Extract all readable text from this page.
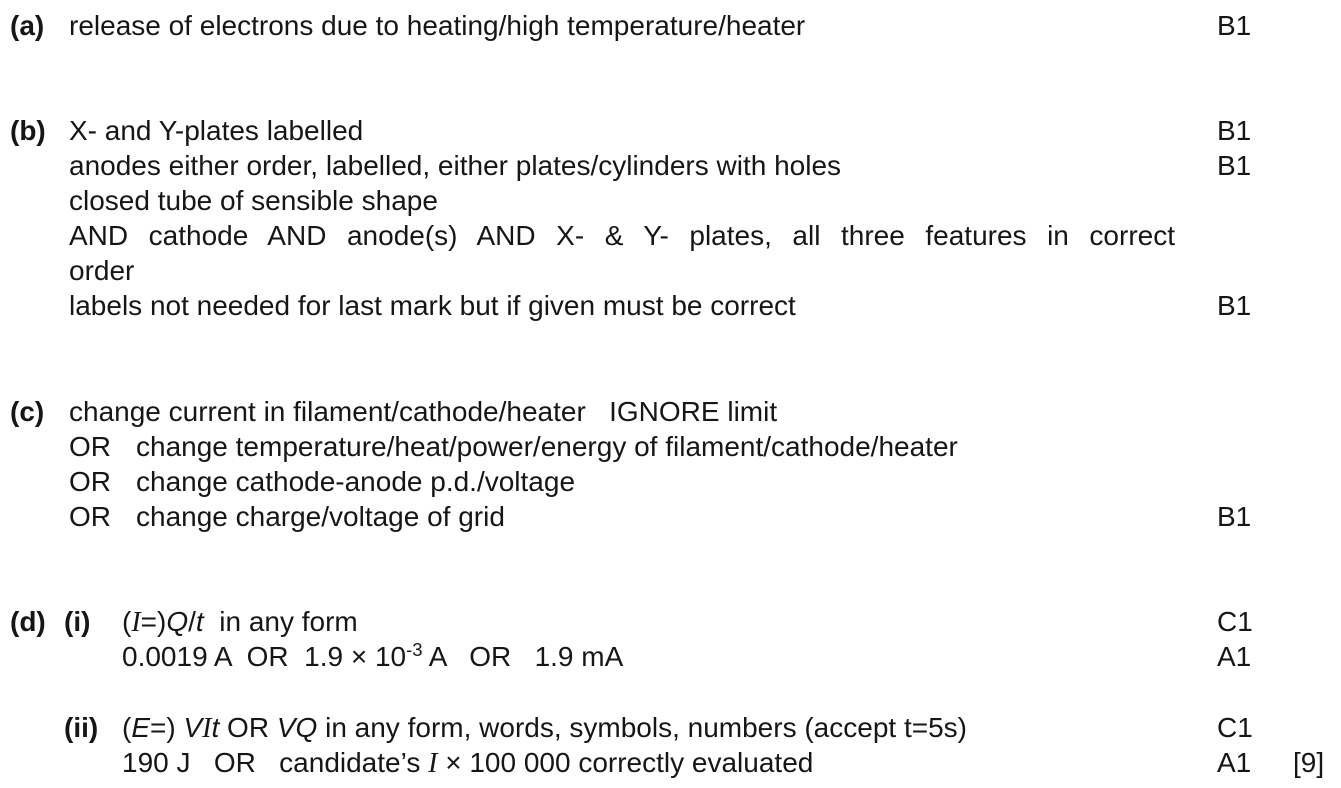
(a) release of electrons due to heating/high temperature/heater	B1
(b) X- and Y-plates labelled	B1
anodes either order, labelled, either plates/cylinders with holes	B1
closed tube of sensible shape
AND cathode AND anode(s) AND X- & Y- plates, all three features in correct
order
labels not needed for last mark but if given must be correct	B1
(c) change current in filament/cathode/heater   IGNORE limit
OR change temperature/heat/power/energy of filament/cathode/heater
OR change cathode-anode p.d./voltage
OR change charge/voltage of grid	B1
(d) (i) (I=)Q/t  in any form	C1
0.0019 A  OR  $1.9 \times 10^{-3}$ A   OR   1.9 mA	A1
(ii) (E=) VIt OR VQ in any form, words, symbols, numbers (accept t=5s)	C1
190 J   OR   candidate’s I × 100 000 correctly evaluated	A1 [9]
